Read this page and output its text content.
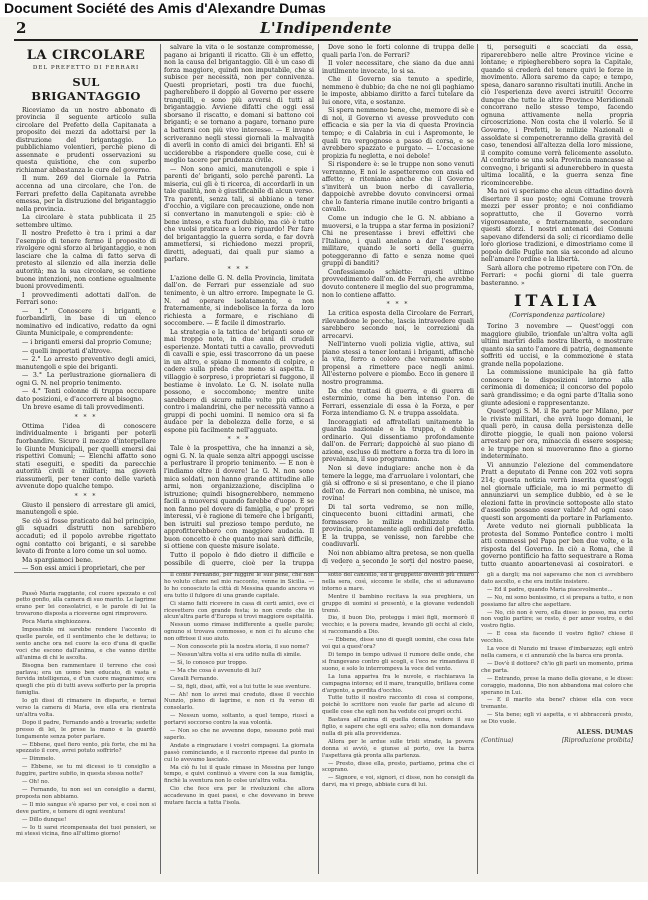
Document Société des Amis d'Alexandre Dumas
2	L'Indipendente
LA CIRCOLARE
DEL PREFETTO DI FERRARI
SUL BRIGANTAGGIO

Riceviamo da un nostro abbonato di provincia il seguente articolo sulla circolare del Prefetto della Capitanata a proposito dei mezzi da adottarsi per la distruzione del brigantaggio. Lo pubblichiamo volentieri, perchè pieno di assennate e prudenti osservazioni su questa quistione, che con superbo richiamar abbastanza le cure del governo.

Il num. 269 del Giornale la Patria accenna ad una circolare, che l'on. de Ferrari prefetto della Capitanata avrebbe emessa, per la distruzione del brigantaggio nella provincia.

La circolare è stata pubblicata il 25 settembre ultimo.

Il nostro Prefetto è tra i primi a dar l'esempio di tenere fermo il proposito di rivolgere ogni sforzo al brigantaggio, e non lasciare che la calma di fatto serva di pretesto al silenzio ed alla inerzia delle autorità; ma la sua circolare, se contiene buone intenzioni, non contiene egualmente buoni provvedimenti.

I provvedimenti adottati dall'on. de Ferrari sono:

— 1.° Conoscere i briganti, e fuorbandirli, in base di un elenco nominativo ed indicativo, redatto da ogni Giunta Municipale, e comprendente:

— i briganti emersi dal proprio Comune;

— quelli importati d'altrove.

— 2.° Lo arresto preventivo degli amici, manutengoli e spie dei briganti.

— 3.° La perlustrazione giornaliera di ogni G. N. nel proprio tenimento.

— 4.° Tenti colonne di truppa occupare dato posizioni, e d'accorrere al bisogno.

Un breve esame di tali provvedimenti.

* * *

Ottima l'idea di conoscere individualmente i briganti per poterli fuorbandire. Sicuro il mezzo d'interpellare le Giunte Municipali, per quelli emersi dai rispettivi Comuni; — Elenchi affatto sono stati eseguiti, e spediti da parecchie autorità civili e militari; ma gioverà riassumerli, per tener conto delle varietà avvenute dopo qualche tempo.

* * *

Giusto il pensiero di arrestare gli amici, manutengoli e spie.

Se ciò si fosse praticato dal bel principio, gli squadri distrutti non sarebbero accaduti; ed il popolo avrebbe rigettato ogni contatto coi briganti, e si sarebbe levato di fronte a loro come un sol uomo.

Ma spargiamoci bene.

— Son essi amici i proprietari, che per

Passò Maria raggiante, col cuore spezzato e col petto gonfio, alla camera di suo marito. Le lagrime erano per lei consolatrici, e le parole di lui la trovarono disposta a riceverne ogni rimprovero.

Poca Maria singhiozzava.

Impossibile mi sarebbe rendere l'accento di quelle parole, ed il sentimento che le dettava; io sento anche ora nel cuore la eco d'una di quelle voci che escono dall'anima, e che vanno diritte all'anima di chi le ascolta.

Bisogna ben rammentare il terreno che così parlava; era un uomo ben educato, di vasta e fervida intelligenza, e d'un cuore magnanimo; era quegli che più di tutti aveva sofferto per la propria famiglia.

Io gli dissi di rimanere in disparte, e tornai verso la camera di Maria, ove ella era rientrata un'altra volta.

Dopo il padre, Fernando andò a trovarla; sedette presso di lei, le prese la mano e la guardò lungamente senza poter parlare.

— Ebbene, quel fiero vento, più forte, che mi ha spezzato il core, avrei potuto soffrirlo?

— Dimmelo.

— Ebbene, se tu mi dicessi io ti consiglio a fuggire, partire subito, in questa stessa notte?

— Oh! no.

— Fernando, tu non sei un consiglio a darmi, proposta non abbiamo.

— Il mio sangue s'è sparso per voi, e così non si deve partire, e temere di ogni sventura!

— Dillo dunque!

— Io ti sarei ricompensata dei tuoi pensieri, se mi stessi vicina, fino all'ultimo giorno!

salvare la vita o le sostanze compromesse, pagano ai briganti il ricatto. Gli è un effetto, non la causa del brigantaggio. Gli è un caso di forza maggiore, quindi non imputabile, che si subisce per necessità, non per connivenza. Questi proprietari, posti tra due fuochi, pagherebbero il doppio al Governo per essere tranquilli, e sono più avversi di tutti al brigantaggio. Avviene difatti che oggi essi sborsano il riscatto, e domani si battono coi briganti; e se tornano a pagare, tornano pure a battersi con più vivo interesse. — E invano scriveranno negli stessi giornali la malvagità di averli in conto di amici dei briganti. Eh! si ucciderebbe a rispondere quelle cose, cui è meglio tacere per prudenza civile.

— Non sono amici, manutengoli e spie i parenti de' briganti, solo perchè parenti. La miseria, cui gli è ti ricerca, di accordarli in un tale qualità, non è giustificabile di alcun verso. Tra parenti, senza tali, si abbiano a tener d'occhio, a vigilare con precauzione, onde non si convertano in manutengoli e spie: ciò è bene inteso, e sta fuori dubbio, ma ciò è tutto che vuolsi praticare a loro riguardo! Per fare del brigantaggio la guerra sorda, e far dovrà ammettersi, si richiedono mezzi proprii, diretti, adeguati, dai quali pur siamo a parlare.

* * *

L'azione delle G. N. della Provincia, limitata dall'on. de Ferrari pur essenziale ad suo tenimento, è un altro errore. Impegnate le G. N. ad operare isolatamente, e non fraternamente, si indebolisce la forza da loro richiesta a formare, e rischiano di soccombere. — È facile il dimostrarlo.

La strategia e la tattica de' briganti sono or mai troppo note, in due anni di crudeli esperienze. Montati tutti a cavallo, provveduti di cavalli e spie, essi trascorrono da un paese in un altro, e spiano il momento di colpire, e cadere sulla preda che meno si aspetta. Il villaggio è sorpreso, i proprietari si fuggono, il bestiame è involato. Le G. N. isolate nulla possono, e soccombono; mentre unite sarebbero di sicuro mille volte più efficaci contro i malandrini, che per necessità vanno a gruppi di pochi uomini. Il nemico ora si fa audace per la debolezza delle forze, e si espone più facilmente nell'agguato.

* * *

Tale è la prospettiva, che ha innanzi a sè, ogni G. N. la quale senza altri appoggi uscisse a perlustrare il proprio tenimento. — E non è l'indiamo oltre il dovere! Le G. N. non sono mica soldati, non hanno grande attitudine alle armi, non organizzazione, disciplina o istruzione; quindi bisognerebbero, nemmeno facili a muoversi quando farebbe d'uopo. E se non fanno pel dovere di famiglia, e pe' propri interessi, vi è ragione di temere che i briganti, ben istruiti sul prezioso tempo perduto, ne approfitterebbero con maggiore audacia. Il buon concetto è che quanto mai sarà difficile, si ottiene con queste misure isolate.

Tutto il popolo è fido dietro il difficile e possibile di guerre, cioè per la truppa

Il conte Fernando, per fuggire le sue pene, che non ho voluto citare nel mio racconto, venne in Sicilia. — Io ho conosciuto la città di Messina quando ancora vi era tutto il fulgore di una grande capitale.

Ci siamo fatti ricevere in casa di certi amici, ove ci ricevettero con grande festa; io non credo che in alcun'altra parte d'Europa si trovi maggiore ospitalità.

Nessun uomo rimase indifferente a quelle parole; ognuno si trovava commosso, e non ci fu alcuno che non offrisse il suo aiuto.

— Non conoscete più la nostra storia, il suo nome?

— Nessun'altra volta si era udito nulla di simile.

— Sì, lo conosco pur troppo.

— Ma che cosa è avvenuto di lui?

Cavalli Fernando.

— Si, figli, dissi, affè, voi a lui tutte le sue sventure.

— Ah! non lo avrei mai creduto, disse il vecchio Nunzio, pieno di lagrime, e non ci fu verso di consolarlo.

— Nessun uomo, soltanto, a quel tempo, riuscì a portarvi soccorso contro la sua volontà.

— Non so che ne avvenne dopo, nessuno potè mai saperlo.

Andate a ringraziare i vostri compagni. La giornata passò cominciando, e il racconto riprese dal punto in cui lo avevamo lasciato.

Ma ciò fu lui il quale rimase in Messina per lungo tempo, e quivi continuò a vivere con la sua famiglia, finchè la sventura non lo colse un'altra volta.

Cio che fece era per le rivoluzioni che allora accadevano in quei paesi, e che dovevano in breve mutare faccia a tutta l'isola.

Dove sono le forti colonne di truppa delle quali parla l'on. de Ferrari?

Il voler necessitare, che siano da due anni inutilmente invocate, lo si sa.

Che il Governo sia tenuto a spedirle, nemmeno è dubbio; da che ne noi gli paghiamo le imposte, abbiamo diritto a farci tutelare da lui onore, vita, e sostanze.

Si spera nemmeno bene, che, memore di sè e di noi, il Governo vi avesse provveduto con efficacia e sia per la via di questa Provincia tempo; e di Calabria in cui i Aspromonte, le quali tra vergognose a passo di corsa, e se avrebbero spazzato e purgato. — L'occasione propizia fu negletta, e noi debole!

Si rispondere è: se le truppe non sono venuti verrannno, E noi le aspetteremo con ansia ed affetto; e riteniamo anche che il Governo s'inviterà un buon nerbo di cavalleria, dappoichè avrebbe dovuto convincersi ormai che lo fanteria rimane inutile contro briganti a cavallo.

Come un indugio che le G. N. abbiano a muoversi, e la truppa a star ferma in posizioni? Chi ne presentasse i brevi effettivi che l'Italiano, i quali anelano a dar l'esempio, militare, quando le sorti della guerra poteggeranno di fatto e senza nome quei gruppi di banditi?

Confessiamolo schiette: questi ultimo provvedimento dall'on. de Ferrari, che avrebbe dovuto contenere il meglio del suo programma, non lo contiene affatto.

* * *

La critica esposta della Circolare de Ferrari, rilevandone le pecche, lascia intravedere quali sarebbero secondo noi, le correzioni da arrecarvi.

Nell'interno vuoli polizia viglie, attiva, sul piano stessi a tener lontani i briganti, affinchè la vita, ferro a coloro che veramente sono propensi a rimettere pace negli animi. All'esterno polvere e piombo. Ecco in genere il nostro programma.

Da che trattasi di guerra, e di guerra di esterminio, come ha ben intenso l'on. de Ferrari, essenziale di essa è la Forza, e per Forza intendiamo G. N. e truppa assoldata.

Incoraggiati ed affratellati unitamente la guardia nazionale e la truppa, è dubbio ordinario. Qui dissentiamo profondamente dall'on. de Ferrari; dappoichè al suo piano di azione, escluso di mettere a forza tra di loro in prevalenza, il suo programma.

Non si deve indugiare: anche non è da temere la legge, ma d'arruolare i volontari, che già si offrono e si si presentano, e che il piano dell'on. de Ferrari non combina, nè unisce, ma rovina!

Di tal sorta vedremo, se non mille, cinquecento buoni cittadini armati, che formassero le milizie mobilizzate della provincia, prontamente agli ordini del prefetto. E la truppa, se venisse, non farebbe che coadiuvarli.

Noi non abbiamo altra pretesa, se non quella di vedere a secondo le sorti del nostro paese,

sotto del cancello, ed il gruppetto diventò più chiaro nella sera, così, siccome le stelle, che si adunavano intorno a mare.

Mentre il bambino recitava la sua preghiera, un gruppo di uomini si presentò, e la giovane vedendoli tremò.

Dio, il buon Dio, protegga i miei figli, mormorò il vecchio; e la povera madre, levando gli occhi al cielo, si raccomandò a Dio.

— Ebbene, disse uno di quegli uomini, che cosa fate voi qui a quest'ora?

Di tempo in tempo udivasi il rumore delle onde, che si frangevano contro gli scogli, e l'eco ne rimandava il suono, e solo lo interrompeva la voce del vento.

La luna appariva fra le nuvole, e rischiarava la campagna intorno; ed il mare, tranquillo, brillava come d'argento, a perdita d'occhio.

Tutte tutto il nostro racconto di cosa si compone, poichè lo scrittore non vuole far parte ad alcuno di quelle cose che egli non ha vedute coi propri occhi.

Bastava all'anima di quella donna, vedere il suo figlio, e sapere che egli era salvo; ella non domandava nulla di più alla provvidenza.

Allora per le ardue sulle tristi strade, la povera donna si avviò, e giunse al porto, ove la barca l'aspettava già pronta alla partenza.

— Presto, disse ella, presto, partiamo, prima che ci scoprano.

— Signore, e voi, signori, ci disse, non ho consigli da darvi, ma vi prego, abbiate cura di lui.

ti, perseguiti e scacciati da essa, riparerebbero nelle altre Province vicine e lontane; e ripiegherebbero sopra la Capitale, quando si crederà del tenere quivi le forze in movimento. Allora saremo da capo; e tempo, spesa, danaro saranno risultati inutili. Anche in ciò l'esperienza deve averci istruiti! Occorre dunque che tutte le altre Province Meridionali concorrano nello stesso tempo, facendo ognuna attivamente nella propria circoscrizione. Non costa che il volerlo. Se il Governo, i Prefetti, le milizie Nazionali e assoldate si compenetreranno della gravità del caso, tenendosi all'altezza della loro missione, il compito comune verrà felicemente assoluto. Al contrario se una sola Provincia mancasse al convegno, i briganti si adunerebbero in questa ultima località, e la guerra senza fine ricomincerebbe.

Ma noi vi speriamo che alcun cittadino dovrà disertare il suo posto; ogni Comune troverà mezzi per esser pronto; e noi confidiamo soprattutto, che il Governo vorrà vigorosamente, e fraternamente, secondare questi sforzi. I nostri antenati dei Comuni sapevano difendersi da soli; ci ricordiamo delle loro gloriose tradizioni, e dimostriamo come il popolo delle Puglie non sia secondo ad alcuno nell'amare l'ordine e la libertà.

Sarà allora che potremo ripetere con l'On. de Ferrari: « pochi giorni di tale guerra basteranno. »

ITALIA
(Corrispondenza particolare)

Torino 3 novembre — Quest'oggi con maggiore giubilo, trionfale un'altra volta agli ultimi martiri della nostra libertà, e mostrare quanto sia santo l'amore di patria, degnamente soffriti ed uccisi, e la commozione è stata grande nella popolazione.

La commissione municipale ha già fatto conoscere le disposizioni intorno alla cerimonia di domenica; il concorso del popolo sarà grandissimo; e da ogni parte d'Italia sono giunte adesioni e rappresentanze.

Quest'oggi S. M. il Re parte per Milano, per le riviste militari, che avrà luogo domani, le quali però, in causa della persistenza delle dirotte pioggie, le quali non paiono volersi arrestare per ora, minaccia di essere sospesa; e le truppe non si muoveranno fino a giorno indeterminato.

Vi annunzio l'elezione del commendatore Pratt a deputato di Penne con 202 voti sopra 214; questa notizia verrà inserita quest'oggi nel giornale ufficiale, ma io mi permetto di annunziarvi un semplice dubbio, ed è se le elezioni fatte in provincie sottoposte allo stato d'assedio possano esser valide? Ad ogni caso questi son argomenti da portare in Parlamento.

Avete veduto nei giornali pubblicata la protesta del Sommo Pontefice contro i molti atti commessi pel Papa per ben due volte, e la risposta del Governo. In ciò a Roma, che il governo pontificio ha fatto sequestrare a Roma tutto quanto appartenevasi ai cospiratori, e

gli a dargli; ma noi sapevamo che non ci avrebbero dato ascolto, e che era inutile insistere.

— Ed il padre, quando Maria piacevolmente...

— No, mi sono benissimo, ci si prepara a tutto, e non possiamo far altro che aspettare.

— No, ciò non è vero, ella disse: io posso, ma certo non voglio partire; se resto, è per amor vostro, e del vostro figlio.

— E cosa sta facendo il vostro figlio? chiese il vecchio.

La voce di Nunzio mi trasse d'imbarazzo; egli entrò nella camera, e ci annunziò che la barca era pronta.

— Dov'è il dottore? ch'io gli parli un momento, prima che parta.

— Entrando, prese la mano della giovane, e le disse: coraggio, madonna, Dio non abbandona mai coloro che sperano in Lui.

— E il marito sta bene? chiese ella con voce tremante.

— Sta bene; egli vi aspetta, e vi abbraccerà presto, se Dio vuole.

ALESS. DUMAS
(Continua)	[Riproduzione proibita]
